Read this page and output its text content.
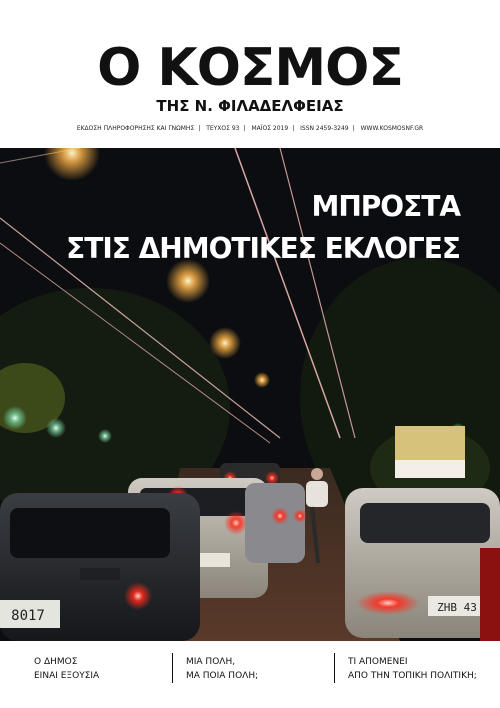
Ο ΚΟΣΜΟΣ
ΤΗΣ Ν. ΦΙΛΑΔΕΛΦΕΙΑΣ
ΕΚΔΟΣΗ ΠΛΗΡΟΦΟΡΗΣΗΣ ΚΑΙ ΓΝΩΜΗΣ | ΤΕΥΧΟΣ 93 | ΜΑΪΟΣ 2019 | ISSN 2459-3249 | WWW.KOSMOSNF.GR
ZHB 43
8017
ΜΠΡΟΣΤΑ
ΣΤΙΣ ΔΗΜΟΤΙΚΕΣ ΕΚΛΟΓΕΣ
Ο ΔΗΜΟΣ
ΕΙΝΑΙ ΕΞΟΥΣΙΑ
ΜΙΑ ΠΟΛΗ,
ΜΑ ΠΟΙΑ ΠΟΛΗ;
ΤΙ ΑΠΟΜΕΝΕΙ
ΑΠΟ ΤΗΝ ΤΟΠΙΚΗ ΠΟΛΙΤΙΚΗ;
